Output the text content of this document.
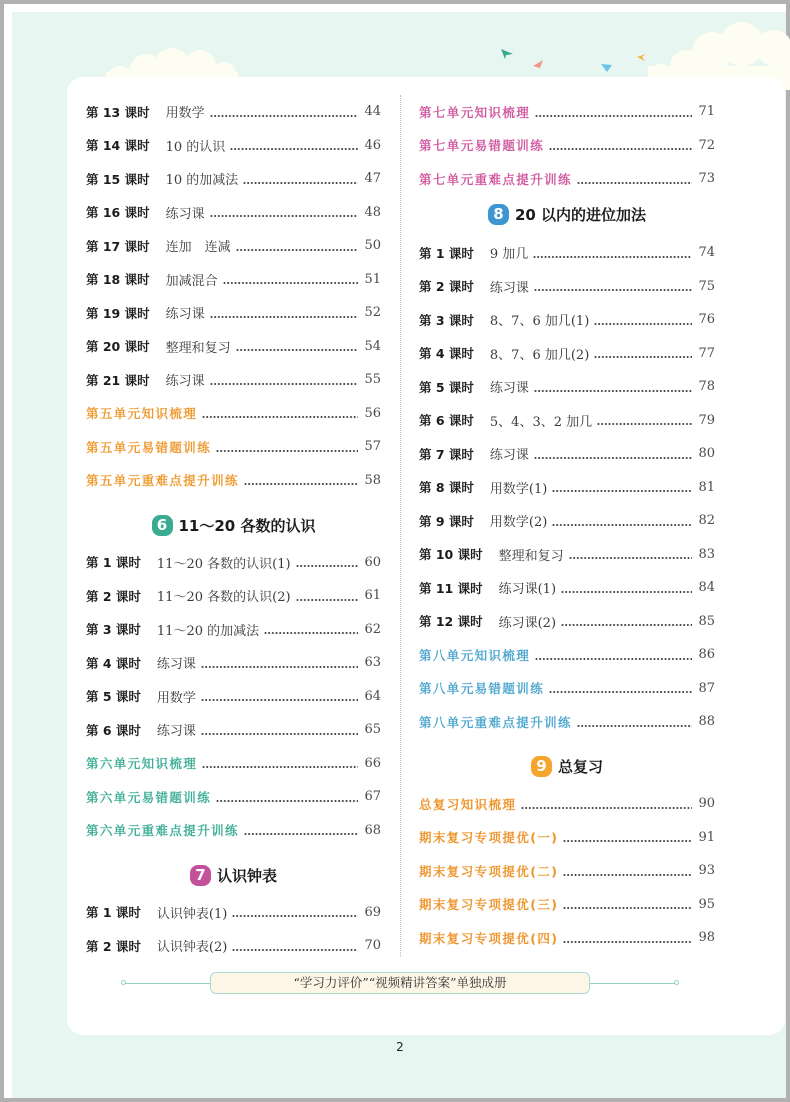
第 13 课时 用数学	44
第 14 课时 10 的认识	46
第 15 课时 10 的加减法	47
第 16 课时 练习课	48
第 17 课时 连加　连减	50
第 18 课时 加减混合	51
第 19 课时 练习课	52
第 20 课时 整理和复习	54
第 21 课时 练习课	55
第五单元知识梳理	56
第五单元易错题训练	57
第五单元重难点提升训练	58
6 11～20 各数的认识
第 1 课时 11～20 各数的认识(1)	60
第 2 课时 11～20 各数的认识(2)	61
第 3 课时 11～20 的加减法	62
第 4 课时 练习课	63
第 5 课时 用数学	64
第 6 课时 练习课	65
第六单元知识梳理	66
第六单元易错题训练	67
第六单元重难点提升训练	68
7 认识钟表
第 1 课时 认识钟表(1)	69
第 2 课时 认识钟表(2)	70
第七单元知识梳理	71
第七单元易错题训练	72
第七单元重难点提升训练	73
8 20 以内的进位加法
第 1 课时 9 加几	74
第 2 课时 练习课	75
第 3 课时 8、7、6 加几(1)	76
第 4 课时 8、7、6 加几(2)	77
第 5 课时 练习课	78
第 6 课时 5、4、3、2 加几	79
第 7 课时 练习课	80
第 8 课时 用数学(1)	81
第 9 课时 用数学(2)	82
第 10 课时 整理和复习	83
第 11 课时 练习课(1)	84
第 12 课时 练习课(2)	85
第八单元知识梳理	86
第八单元易错题训练	87
第八单元重难点提升训练	88
9 总复习
总复习知识梳理	90
期末复习专项提优(一)	91
期末复习专项提优(二)	93
期末复习专项提优(三)	95
期末复习专项提优(四)	98
“学习力评价”“视频精讲答案”单独成册
2
